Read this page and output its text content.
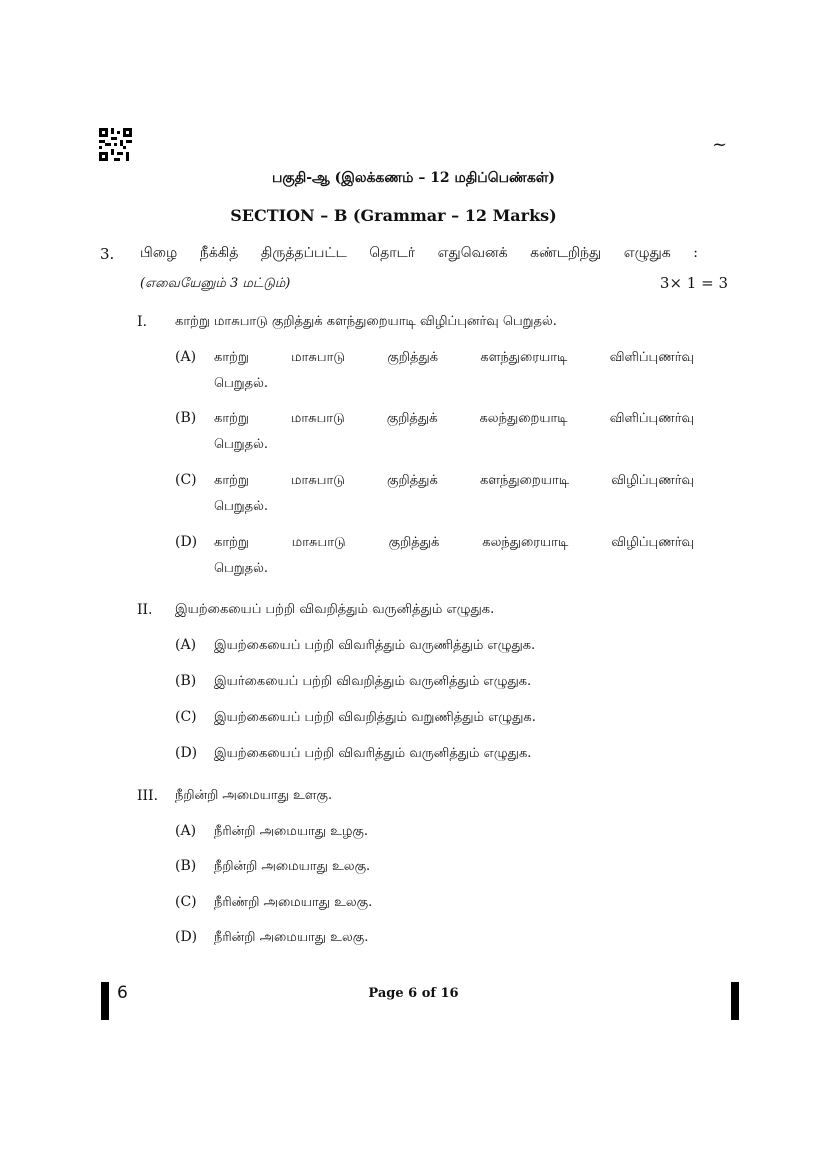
~
பகுதி-ஆ (இலக்கணம் – 12 மதிப்பெண்கள்)
SECTION – B (Grammar – 12 Marks)
3. பிழை நீக்கித் திருத்தப்பட்ட தொடர் எதுவெனக் கண்டறிந்து எழுதுக :
(எவையேனும் 3 மட்டும்)	3× 1 = 3
I. காற்று மாசுபாடு குறித்துக் களந்துறையாடி விழிப்புனர்வு பெறுதல்.
(A) காற்று மாசுபாடு குறித்துக் களந்துரையாடி விளிப்புணர்வு
பெறுதல்.
(B) காற்று மாசுபாடு குறித்துக் கலந்துறையாடி விளிப்புணர்வு
பெறுதல்.
(C) காற்று மாசுபாடு குறித்துக் களந்துறையாடி விழிப்புணர்வு
பெறுதல்.
(D) காற்று மாசுபாடு குறித்துக் கலந்துரையாடி விழிப்புணர்வு
பெறுதல்.
II. இயற்கையைப் பற்றி விவறித்தும் வருனித்தும் எழுதுக.
(A) இயற்கையைப் பற்றி விவரித்தும் வருணித்தும் எழுதுக.
(B) இயர்கையைப் பற்றி விவறித்தும் வருனித்தும் எழுதுக.
(C) இயற்கையைப் பற்றி விவறித்தும் வறுணித்தும் எழுதுக.
(D) இயற்கையைப் பற்றி விவரித்தும் வருனித்தும் எழுதுக.
III. நீறின்றி அமையாது உளகு.
(A) நீரின்றி அமையாது உழகு.
(B) நீறின்றி அமையாது உலகு.
(C) நீரிண்றி அமையாது உலகு.
(D) நீரின்றி அமையாது உலகு.
6	Page 6 of 16
